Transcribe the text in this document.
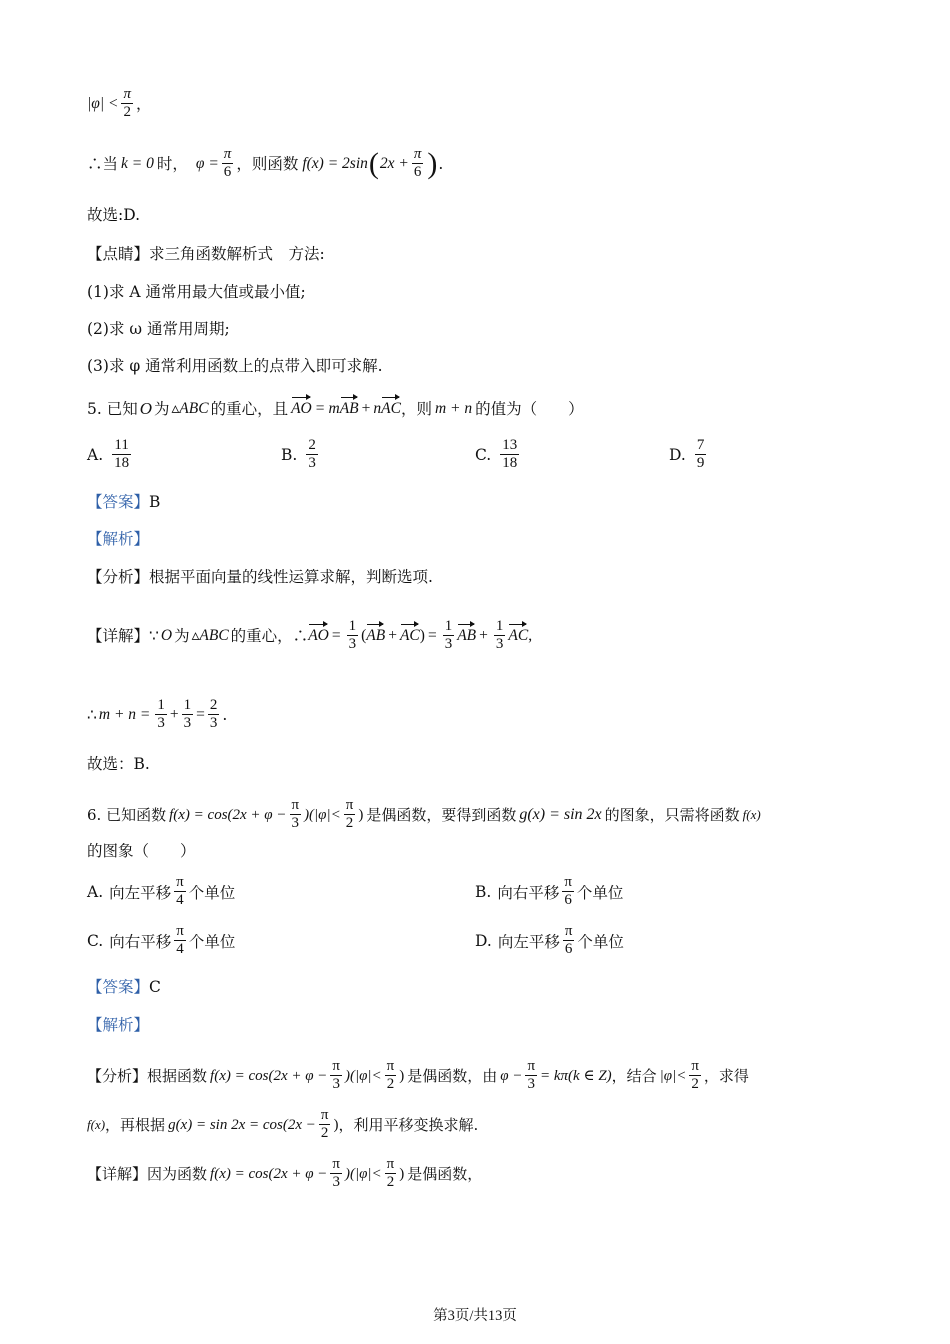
$|\varphi| < \frac{\pi}{2}$ ，
∴当 k = 0 时， $\varphi = \frac{\pi}{6}$ ，则函数 f(x) = 2sin ( $2x + \frac{\pi}{6}$ ) .
故选:D.
【点睛】 求三角函数解析式　方法:
(1)求 A 通常用最大值或最小值;
(2)求 ω 通常用周期;
(3)求 φ 通常利用函数上的点带入即可求解.
5. 已知 O 为 ▵ABC 的重心，且 AO = m AB + n AC ，则 m + n 的值为（　　）
A. $\frac{11}{18}$	B. $\frac{2}{3}$	C. $\frac{13}{18}$	D. $\frac{7}{9}$
【答案】 B
【解析】
【分析】 根据平面向量的线性运算求解，判断选项.
【详解】 ∵ O 为 ▵ABC 的重心，∴ AO = $\frac{1}{3}$ ( AB + AC ) = $\frac{1}{3}$ AB + $\frac{1}{3}$ AC ,
∴ $m + n = \frac{1}{3} + \frac{1}{3} = \frac{2}{3}$ .
故选：B.
6. 已知函数 $f(x) = \cos(2x + \varphi - \frac{\pi}{3} )(|\varphi|< \frac{\pi}{2}$ ) 是偶函数，要得到函数 g(x) = sin 2x 的图象，只需将函数 f(x)
的图象（　　）
A. 向左平移 $\frac{\pi}{4}$ 个单位	B. 向右平移 $\frac{\pi}{6}$ 个单位
C. 向右平移 $\frac{\pi}{4}$ 个单位	D. 向左平移 $\frac{\pi}{6}$ 个单位
【答案】 C
【解析】
【分析】 根据函数 $f(x) = \cos(2x + \varphi - \frac{\pi}{3} )(|\varphi|< \frac{\pi}{2}$ ) 是偶函数，由 $\varphi - \frac{\pi}{3} = k\pi(k$ ∈ Z) ，结合 $|\varphi|< \frac{\pi}{2}$ ，求得
f(x) ，再根据 $g(x) = \sin 2x = \cos(2x - \frac{\pi}{2}$ ) ，利用平移变换求解.
【详解】 因为函数 $f(x) = \cos(2x + \varphi - \frac{\pi}{3} )(|\varphi|< \frac{\pi}{2}$ ) 是偶函数，
第3页/共13页
